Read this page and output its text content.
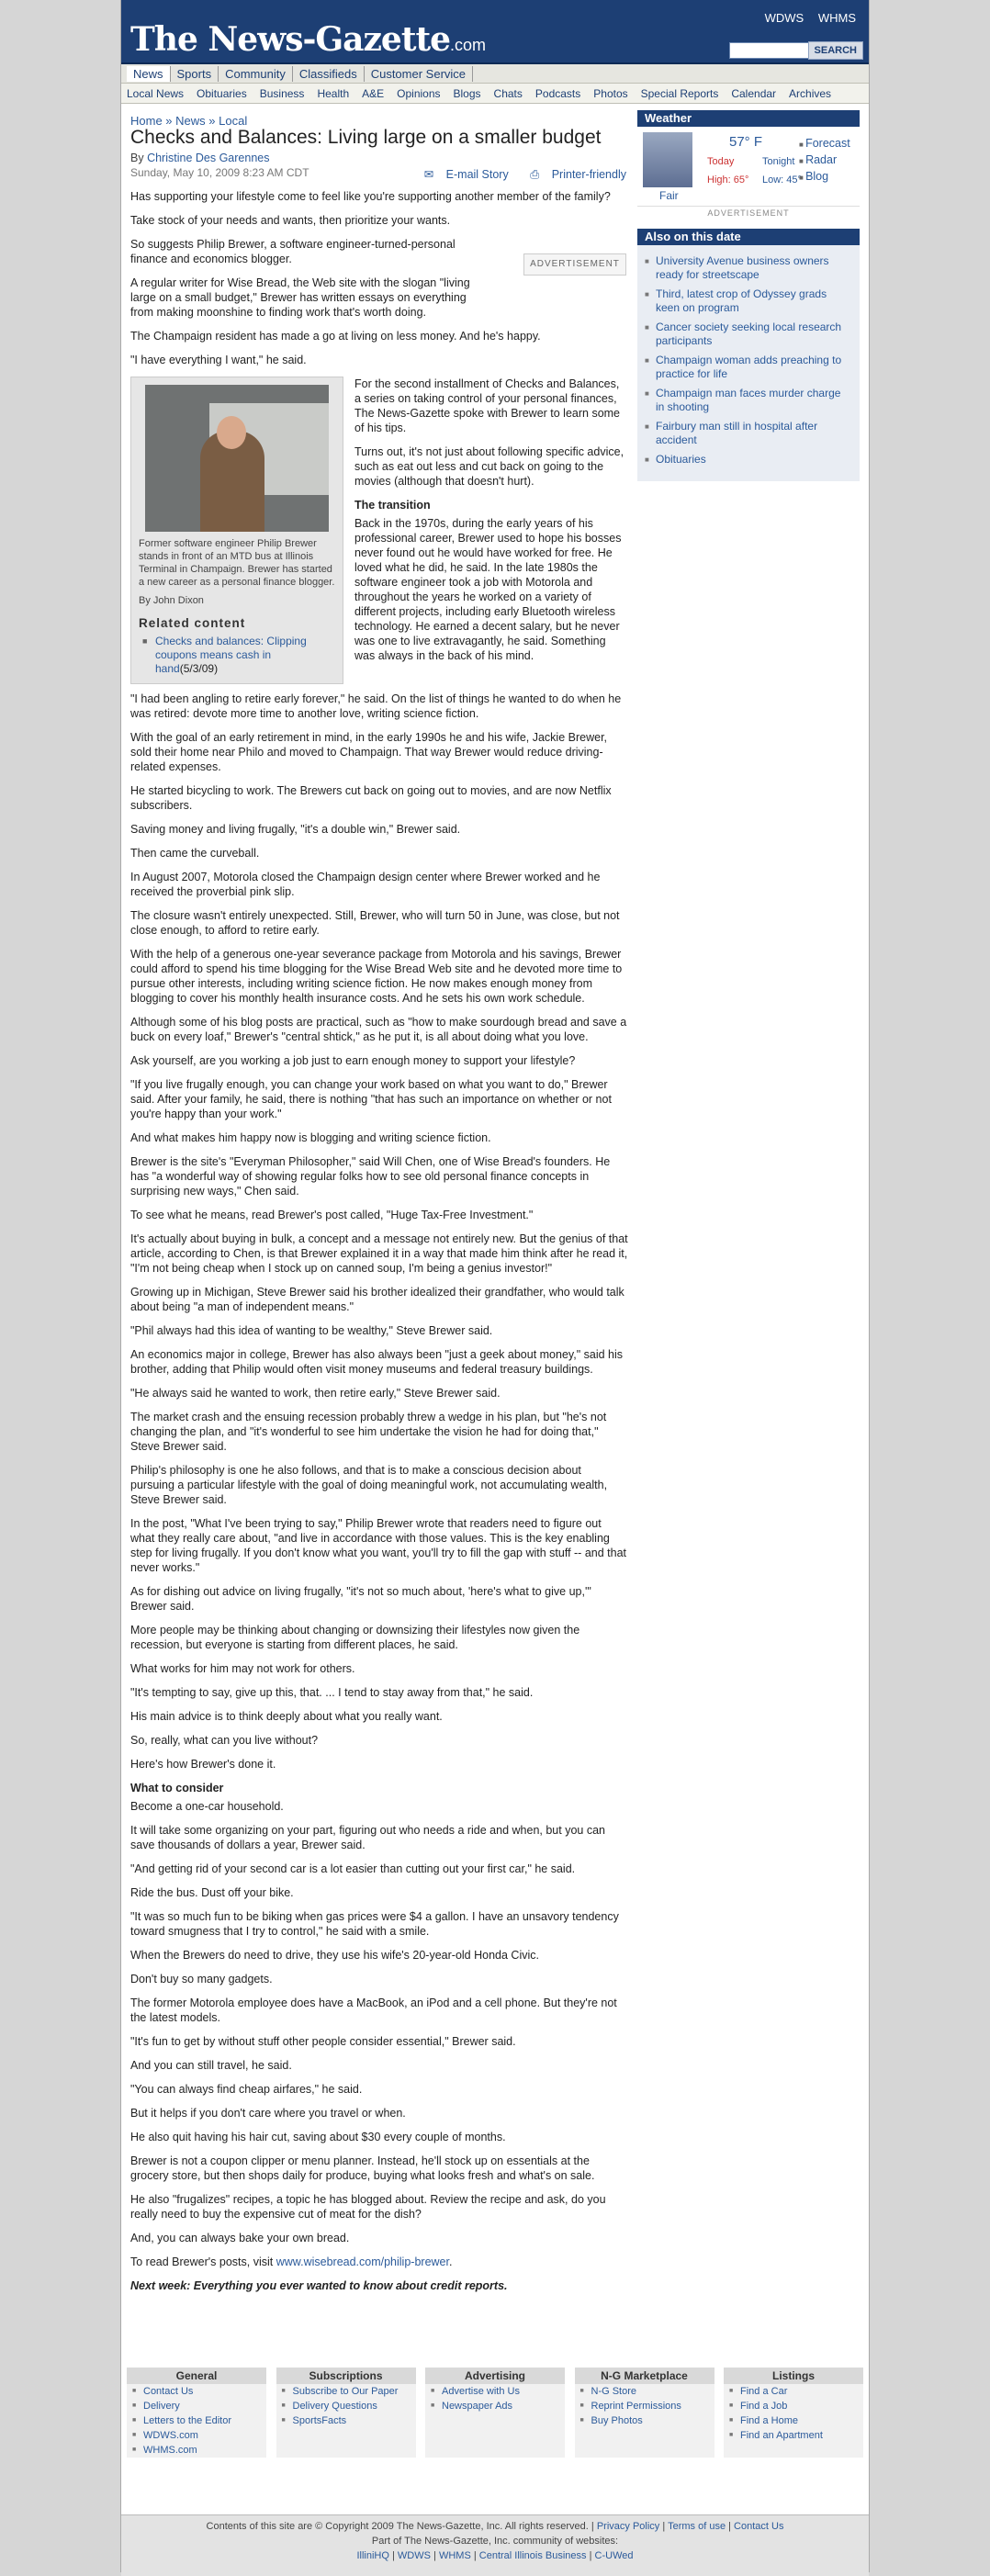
The News-Gazette.com
WDWS WHMS
SEARCH
News	Sports	Community	Classifieds	Customer Service
Local News Obituaries Business Health A&E Opinions Blogs Chats Podcasts Photos Special Reports Calendar Archives
Home » News » Local
Checks and Balances: Living large on a smaller budget
By Christine Des Garennes
Sunday, May 10, 2009 8:23 AM CDT	✉ E-mail Story ⎙ Printer-friendly

Has supporting your lifestyle come to feel like you're supporting another member of the family?

Take stock of your needs and wants, then prioritize your wants.

So suggests Philip Brewer, a software engineer-turned-personal finance and economics blogger.	ADVERTISEMENT

A regular writer for Wise Bread, the Web site with the slogan "living large on a small budget," Brewer has written essays on everything from making moonshine to finding work that's worth doing.

The Champaign resident has made a go at living on less money. And he's happy.

"I have everything I want," he said.

Former software engineer Philip Brewer stands in front of an MTD bus at Illinois Terminal in Champaign. Brewer has started a new career as a personal finance blogger.
By John Dixon
Related content
■ Checks and balances: Clipping coupons means cash in hand(5/3/09)

For the second installment of Checks and Balances, a series on taking control of your personal finances, The News-Gazette spoke with Brewer to learn some of his tips.

Turns out, it's not just about following specific advice, such as eat out less and cut back on going to the movies (although that doesn't hurt).

The transition

Back in the 1970s, during the early years of his professional career, Brewer used to hope his bosses never found out he would have worked for free. He loved what he did, he said. In the late 1980s the software engineer took a job with Motorola and throughout the years he worked on a variety of different projects, including early Bluetooth wireless technology. He earned a decent salary, but he never was one to live extravagantly, he said. Something was always in the back of his mind.

"I had been angling to retire early forever," he said. On the list of things he wanted to do when he was retired: devote more time to another love, writing science fiction.

With the goal of an early retirement in mind, in the early 1990s he and his wife, Jackie Brewer, sold their home near Philo and moved to Champaign. That way Brewer would reduce driving-related expenses.

He started bicycling to work. The Brewers cut back on going out to movies, and are now Netflix subscribers.

Saving money and living frugally, "it's a double win," Brewer said.

Then came the curveball.

In August 2007, Motorola closed the Champaign design center where Brewer worked and he received the proverbial pink slip.

The closure wasn't entirely unexpected. Still, Brewer, who will turn 50 in June, was close, but not close enough, to afford to retire early.

With the help of a generous one-year severance package from Motorola and his savings, Brewer could afford to spend his time blogging for the Wise Bread Web site and he devoted more time to pursue other interests, including writing science fiction. He now makes enough money from blogging to cover his monthly health insurance costs. And he sets his own work schedule.

Although some of his blog posts are practical, such as "how to make sourdough bread and save a buck on every loaf," Brewer's "central shtick," as he put it, is all about doing what you love.

Ask yourself, are you working a job just to earn enough money to support your lifestyle?

"If you live frugally enough, you can change your work based on what you want to do," Brewer said. After your family, he said, there is nothing "that has such an importance on whether or not you're happy than your work."

And what makes him happy now is blogging and writing science fiction.

Brewer is the site's "Everyman Philosopher," said Will Chen, one of Wise Bread's founders. He has "a wonderful way of showing regular folks how to see old personal finance concepts in surprising new ways," Chen said.

To see what he means, read Brewer's post called, "Huge Tax-Free Investment."

It's actually about buying in bulk, a concept and a message not entirely new. But the genius of that article, according to Chen, is that Brewer explained it in a way that made him think after he read it, "I'm not being cheap when I stock up on canned soup, I'm being a genius investor!"

Growing up in Michigan, Steve Brewer said his brother idealized their grandfather, who would talk about being "a man of independent means."

"Phil always had this idea of wanting to be wealthy," Steve Brewer said.

An economics major in college, Brewer has also always been "just a geek about money," said his brother, adding that Philip would often visit money museums and federal treasury buildings.

"He always said he wanted to work, then retire early," Steve Brewer said.

The market crash and the ensuing recession probably threw a wedge in his plan, but "he's not changing the plan, and "it's wonderful to see him undertake the vision he had for doing that," Steve Brewer said.

Philip's philosophy is one he also follows, and that is to make a conscious decision about pursuing a particular lifestyle with the goal of doing meaningful work, not accumulating wealth, Steve Brewer said.

In the post, "What I've been trying to say," Philip Brewer wrote that readers need to figure out what they really care about, "and live in accordance with those values. This is the key enabling step for living frugally. If you don't know what you want, you'll try to fill the gap with stuff -- and that never works."

As for dishing out advice on living frugally, "it's not so much about, 'here's what to give up,'" Brewer said.

More people may be thinking about changing or downsizing their lifestyles now given the recession, but everyone is starting from different places, he said.

What works for him may not work for others.

"It's tempting to say, give up this, that. ... I tend to stay away from that," he said.

His main advice is to think deeply about what you really want.

So, really, what can you live without?

Here's how Brewer's done it.

What to consider

Become a one-car household.

It will take some organizing on your part, figuring out who needs a ride and when, but you can save thousands of dollars a year, Brewer said.

"And getting rid of your second car is a lot easier than cutting out your first car," he said.

Ride the bus. Dust off your bike.

"It was so much fun to be biking when gas prices were $4 a gallon. I have an unsavory tendency toward smugness that I try to control," he said with a smile.

When the Brewers do need to drive, they use his wife's 20-year-old Honda Civic.

Don't buy so many gadgets.

The former Motorola employee does have a MacBook, an iPod and a cell phone. But they're not the latest models.

"It's fun to get by without stuff other people consider essential," Brewer said.

And you can still travel, he said.

"You can always find cheap airfares," he said.

But it helps if you don't care where you travel or when.

He also quit having his hair cut, saving about $30 every couple of months.

Brewer is not a coupon clipper or menu planner. Instead, he'll stock up on essentials at the grocery store, but then shops daily for produce, buying what looks fresh and what's on sale.

He also "frugalizes" recipes, a topic he has blogged about. Review the recipe and ask, do you really need to buy the expensive cut of meat for the dish?

And, you can always bake your own bread.

To read Brewer's posts, visit www.wisebread.com/philip-brewer.

Next week: Everything you ever wanted to know about credit reports.

Weather
Fair
57° F
Today	Tonight
High: 65° Low: 45°
■ Forecast
■ Radar
■ Blog
ADVERTISEMENT
Also on this date
■ University Avenue business owners ready for streetscape
■ Third, latest crop of Odyssey grads keen on program
■ Cancer society seeking local research participants
■ Champaign woman adds preaching to practice for life
■ Champaign man faces murder charge in shooting
■ Fairbury man still in hospital after accident
■ Obituaries
General
■ Contact Us
■ Delivery
■ Letters to the Editor
■ WDWS.com
■ WHMS.com
Subscriptions
■ Subscribe to Our Paper
■ Delivery Questions
■ SportsFacts
Advertising
■ Advertise with Us
■ Newspaper Ads
N-G Marketplace
■ N-G Store
■ Reprint Permissions
■ Buy Photos
Listings
■ Find a Car
■ Find a Job
■ Find a Home
■ Find an Apartment
Contents of this site are © Copyright 2009 The News-Gazette, Inc. All rights reserved. | Privacy Policy | Terms of use | Contact Us
Part of The News-Gazette, Inc. community of websites:
IlliniHQ | WDWS | WHMS | Central Illinois Business | C-UWed
